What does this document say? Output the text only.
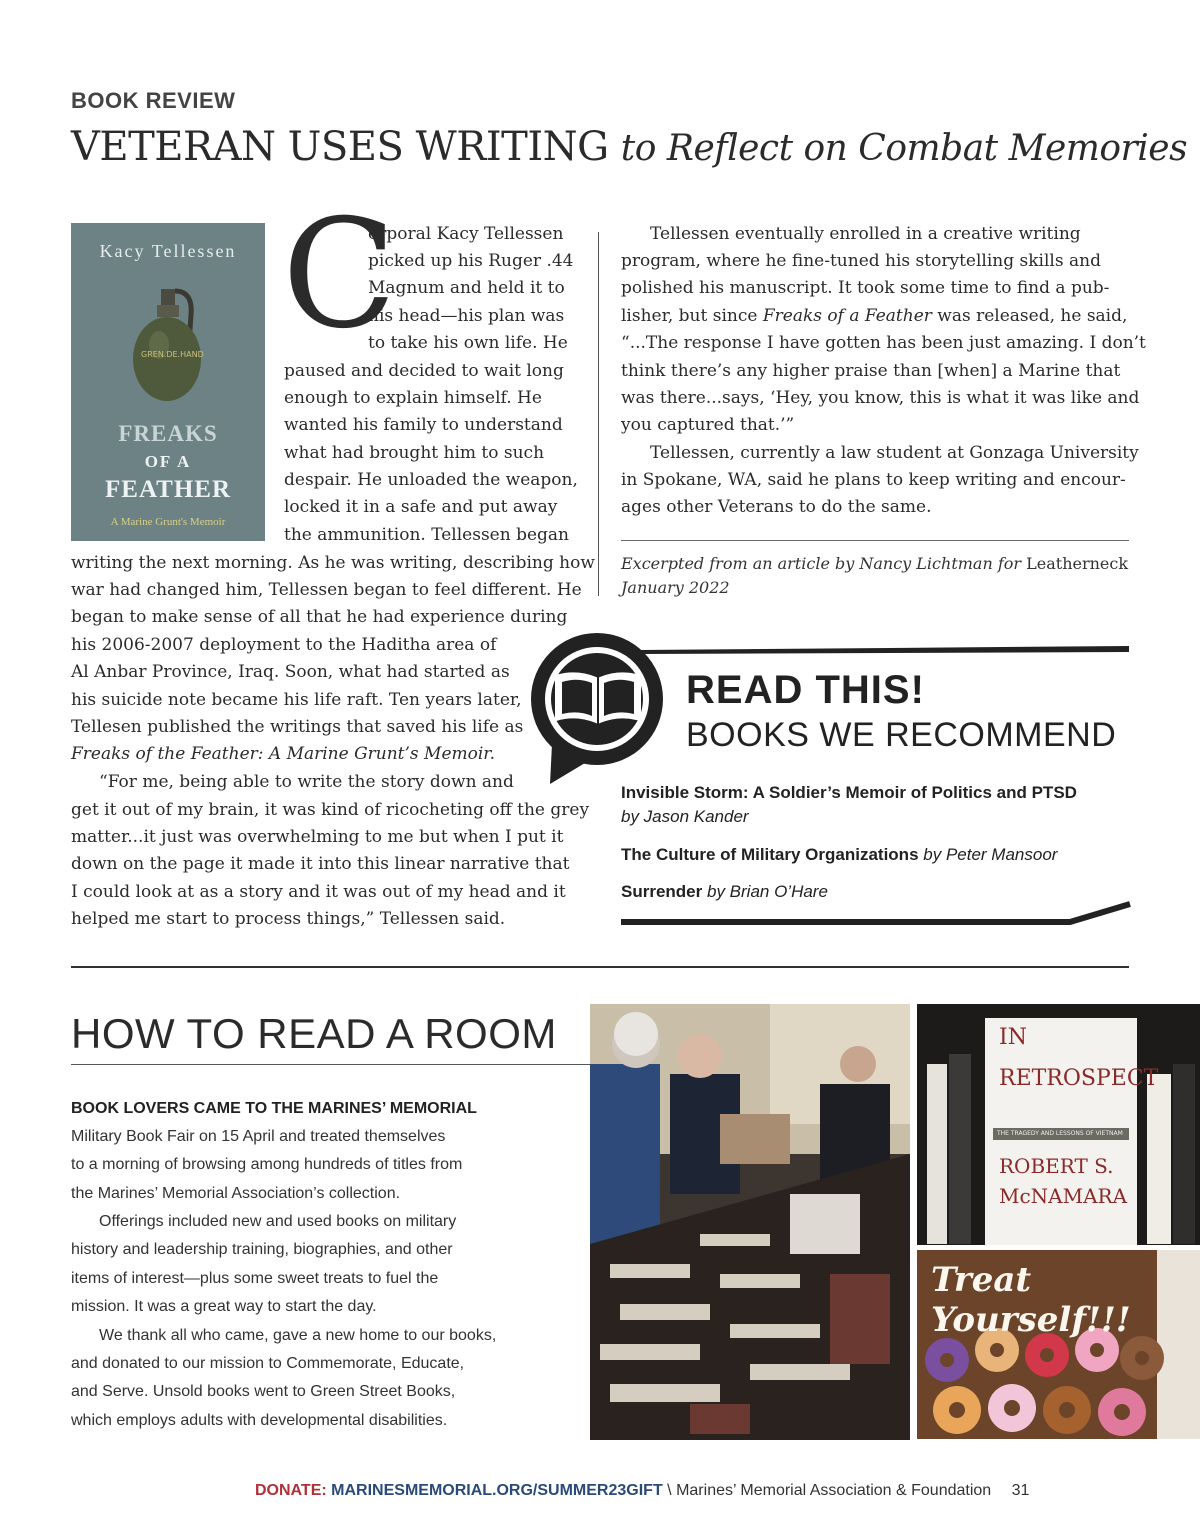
BOOK REVIEW
VETERAN USES WRITING to Reflect on Combat Memories
Kacy Tellessen
GREN.DE.HAND
FREAKS
OF A
FEATHER
A Marine Grunt's Memoir
C
orporal Kacy Tellessen
picked up his Ruger .44
Magnum and held it to
his head—his plan was
to take his own life. He
paused and decided to wait long
enough to explain himself. He
wanted his family to understand
what had brought him to such
despair. He unloaded the weapon,
locked it in a safe and put away
the ammunition. Tellessen began
writing the next morning. As he was writing, describing how
war had changed him, Tellessen began to feel different. He
began to make sense of all that he had experience during
his 2006-2007 deployment to the Haditha area of
Al Anbar Province, Iraq. Soon, what had started as
his suicide note became his life raft. Ten years later,
Tellesen published the writings that saved his life as
Freaks of the Feather: A Marine Grunt’s Memoir.
“For me, being able to write the story down and
get it out of my brain, it was kind of ricocheting off the grey
matter...it just was overwhelming to me but when I put it
down on the page it made it into this linear narrative that
I could look at as a story and it was out of my head and it
helped me start to process things,” Tellessen said.
Tellessen eventually enrolled in a creative writing
program, where he fine-tuned his storytelling skills and
polished his manuscript. It took some time to find a pub-
lisher, but since Freaks of a Feather was released, he said,
“...The response I have gotten has been just amazing. I don’t
think there’s any higher praise than [when] a Marine that
was there...says, ‘Hey, you know, this is what it was like and
you captured that.’”
Tellessen, currently a law student at Gonzaga University
in Spokane, WA, said he plans to keep writing and encour-
ages other Veterans to do the same.
Excerpted from an article by Nancy Lichtman for Leatherneck
January 2022
READ THIS!
BOOKS WE RECOMMEND
Invisible Storm: A Soldier’s Memoir of Politics and PTSD
by Jason Kander
The Culture of Military Organizations by Peter Mansoor
Surrender by Brian O’Hare
HOW TO READ A ROOM
BOOK LOVERS CAME TO THE MARINES’ MEMORIAL
Military Book Fair on 15 April and treated themselves
to a morning of browsing among hundreds of titles from
the Marines’ Memorial Association’s collection.
Offerings included new and used books on military
history and leadership training, biographies, and other
items of interest—plus some sweet treats to fuel the
mission. It was a great way to start the day.
We thank all who came, gave a new home to our books,
and donated to our mission to Commemorate, Educate,
and Serve. Unsold books went to Green Street Books,
which employs adults with developmental disabilities.
IN
RETROSPECT
THE TRAGEDY AND LESSONS OF VIETNAM
ROBERT S.
McNAMARA
Treat Yourself!!!
DONATE: MARINESMEMORIAL.ORG/SUMMER23GIFT \ Marines’ Memorial Association & Foundation 31
